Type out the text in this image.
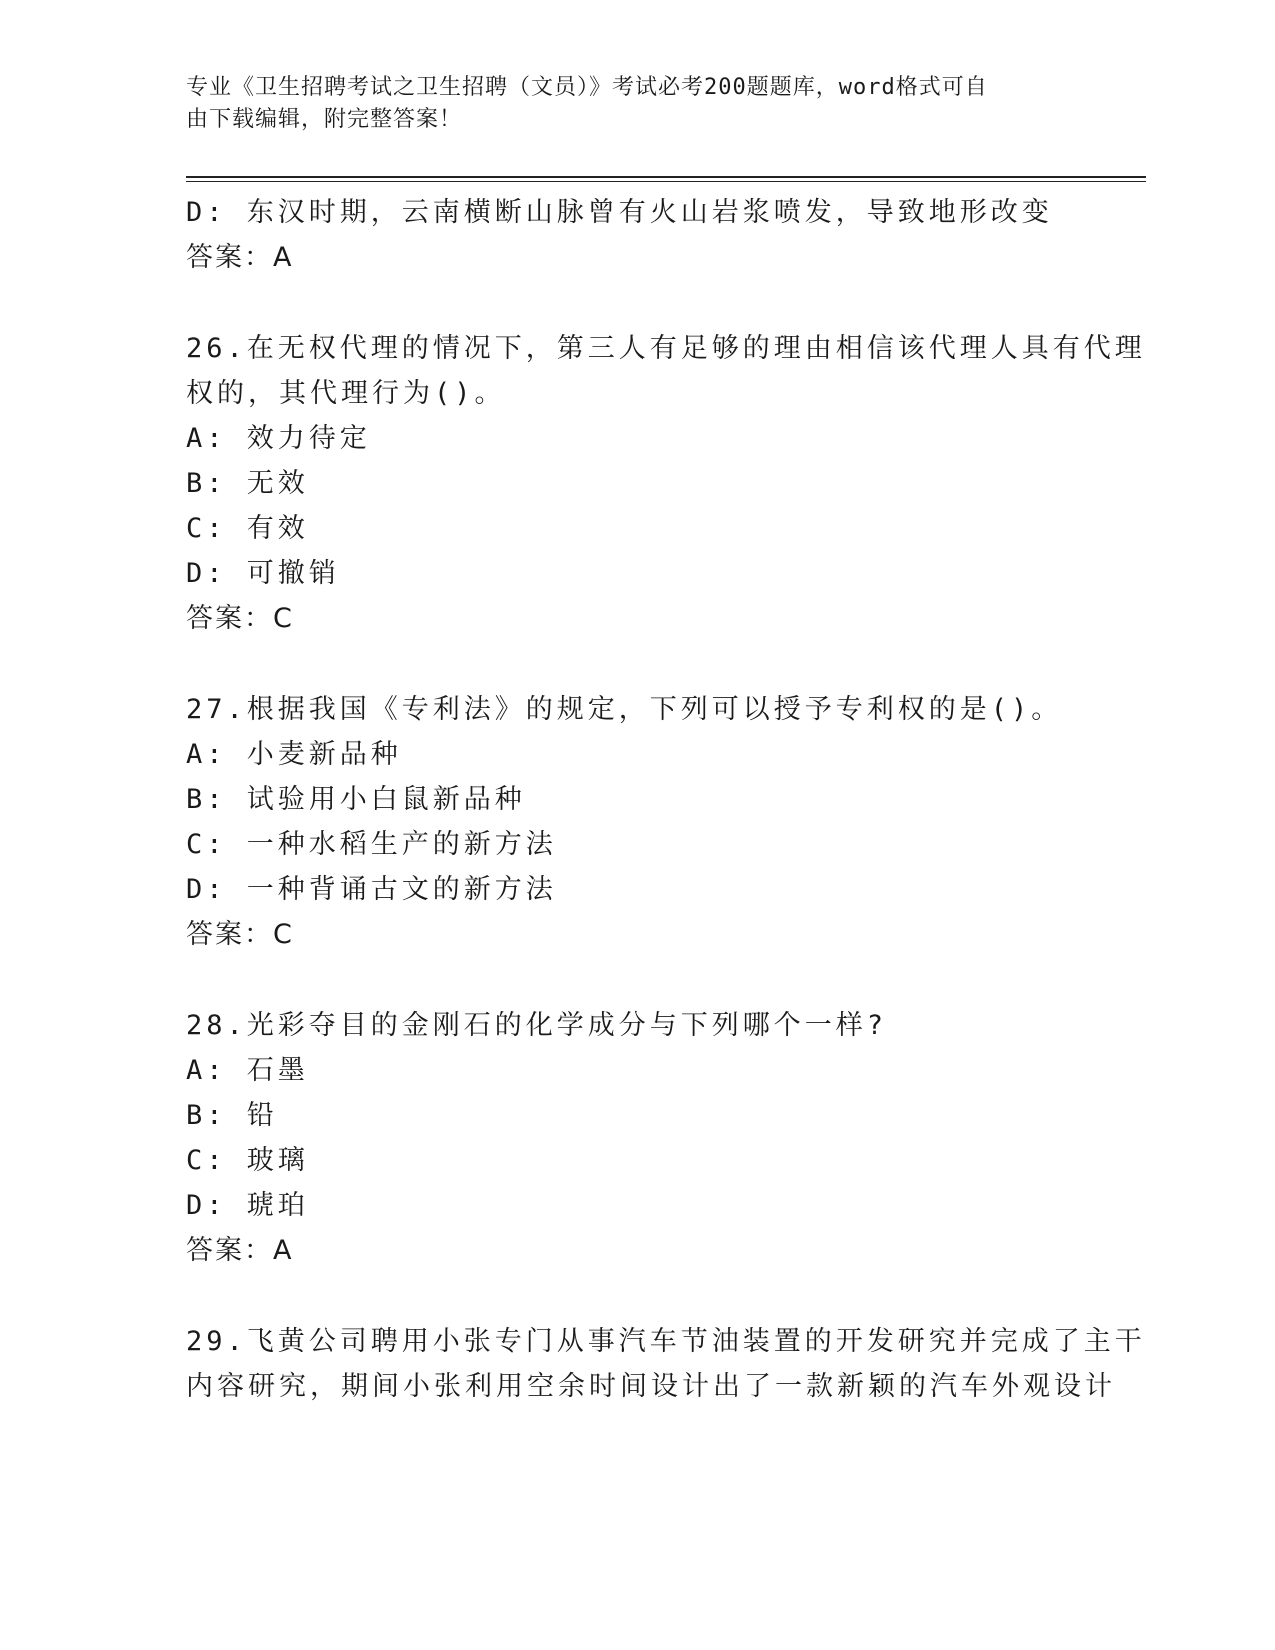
专业《卫生招聘考试之卫生招聘（文员）》考试必考200题题库，word格式可自
由下载编辑，附完整答案！
D: 东汉时期，云南横断山脉曾有火山岩浆喷发，导致地形改变
答案：A
26.在无权代理的情况下，第三人有足够的理由相信该代理人具有代理
权的，其代理行为()。
A: 效力待定
B: 无效
C: 有效
D: 可撤销
答案：C
27.根据我国《专利法》的规定，下列可以授予专利权的是()。
A: 小麦新品种
B: 试验用小白鼠新品种
C: 一种水稻生产的新方法
D: 一种背诵古文的新方法
答案：C
28.光彩夺目的金刚石的化学成分与下列哪个一样?
A: 石墨
B: 铅
C: 玻璃
D: 琥珀
答案：A
29.飞黄公司聘用小张专门从事汽车节油装置的开发研究并完成了主干
内容研究，期间小张利用空余时间设计出了一款新颖的汽车外观设计
